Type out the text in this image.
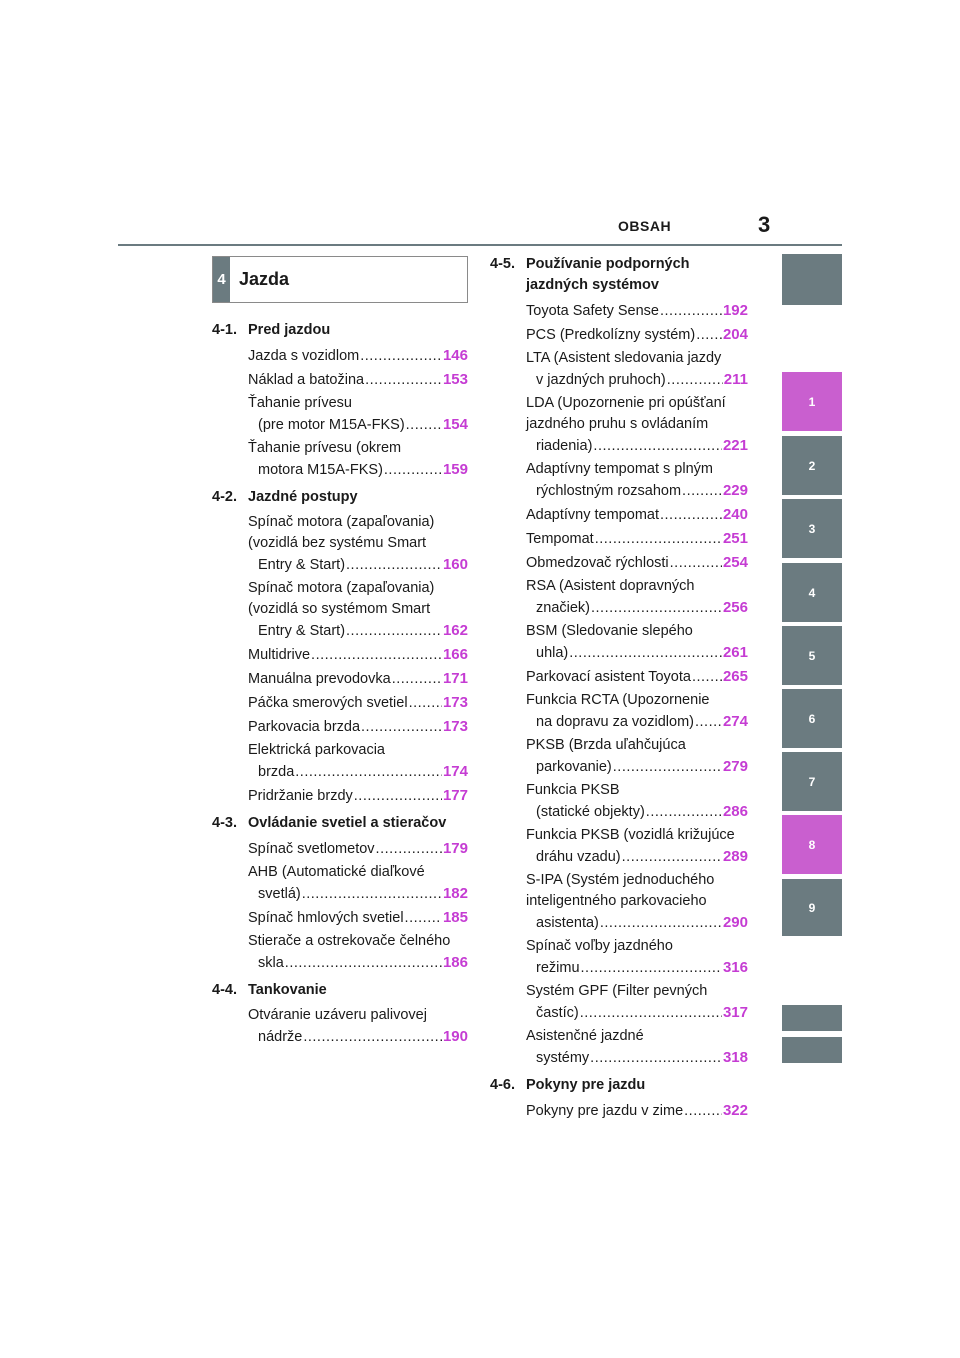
OBSAH	3
4 Jazda
4-1. Pred jazdou
Jazda s vozidlom .....	146
Náklad a batožina .....	153
Ťahanie prívesu
(pre motor M15A-FKS) .....	154
Ťahanie prívesu (okrem
motora M15A-FKS) .....	159
4-2. Jazdné postupy
Spínač motora (zapaľovania)
(vozidlá bez systému Smart
Entry & Start) .....	160
Spínač motora (zapaľovania)
(vozidlá so systémom Smart
Entry & Start) .....	162
Multidrive .....	166
Manuálna prevodovka .....	171
Páčka smerových svetiel ..... 173
Parkovacia brzda .....	173
Elektrická parkovacia
brzda .....	174
Pridržanie brzdy .....	177
4-3. Ovládanie svetiel a stieračov
Spínač svetlometov .....	179
AHB (Automatické diaľkové
svetlá) .....	182
Spínač hmlových svetiel .....	185
Stierače a ostrekovače čelného
skla .....	186
4-4. Tankovanie
Otváranie uzáveru palivovej
nádrže .....	190
4-5. Používanie podporných jazdných systémov
Toyota Safety Sense .....	192
PCS (Predkolízny systém) ..... 204
LTA (Asistent sledovania jazdy
v jazdných pruhoch) .....	211
LDA (Upozornenie pri opúšťaní
jazdného pruhu s ovládaním
riadenia) .....	221
Adaptívny tempomat s plným
rýchlostným rozsahom .....	229
Adaptívny tempomat .....	240
Tempomat .....	251
Obmedzovač rýchlosti .....	254
RSA (Asistent dopravných
značiek) .....	256
BSM (Sledovanie slepého
uhla) .....	261
Parkovací asistent Toyota ..... 265
Funkcia RCTA (Upozornenie
na dopravu za vozidlom) ..... 274
PKSB (Brzda uľahčujúca
parkovanie) .....	279
Funkcia PKSB
(statické objekty) .....	286
Funkcia PKSB (vozidlá križujúce
dráhu vzadu) .....	289
S-IPA (Systém jednoduchého
inteligentného parkovacieho
asistenta) .....	290
Spínač voľby jazdného
režimu .....	316
Systém GPF (Filter pevných
častíc) .....	317
Asistenčné jazdné
systémy .....	318
4-6. Pokyny pre jazdu
Pokyny pre jazdu v zime .....	322
1
2
3
4
5
6
7
8
9
